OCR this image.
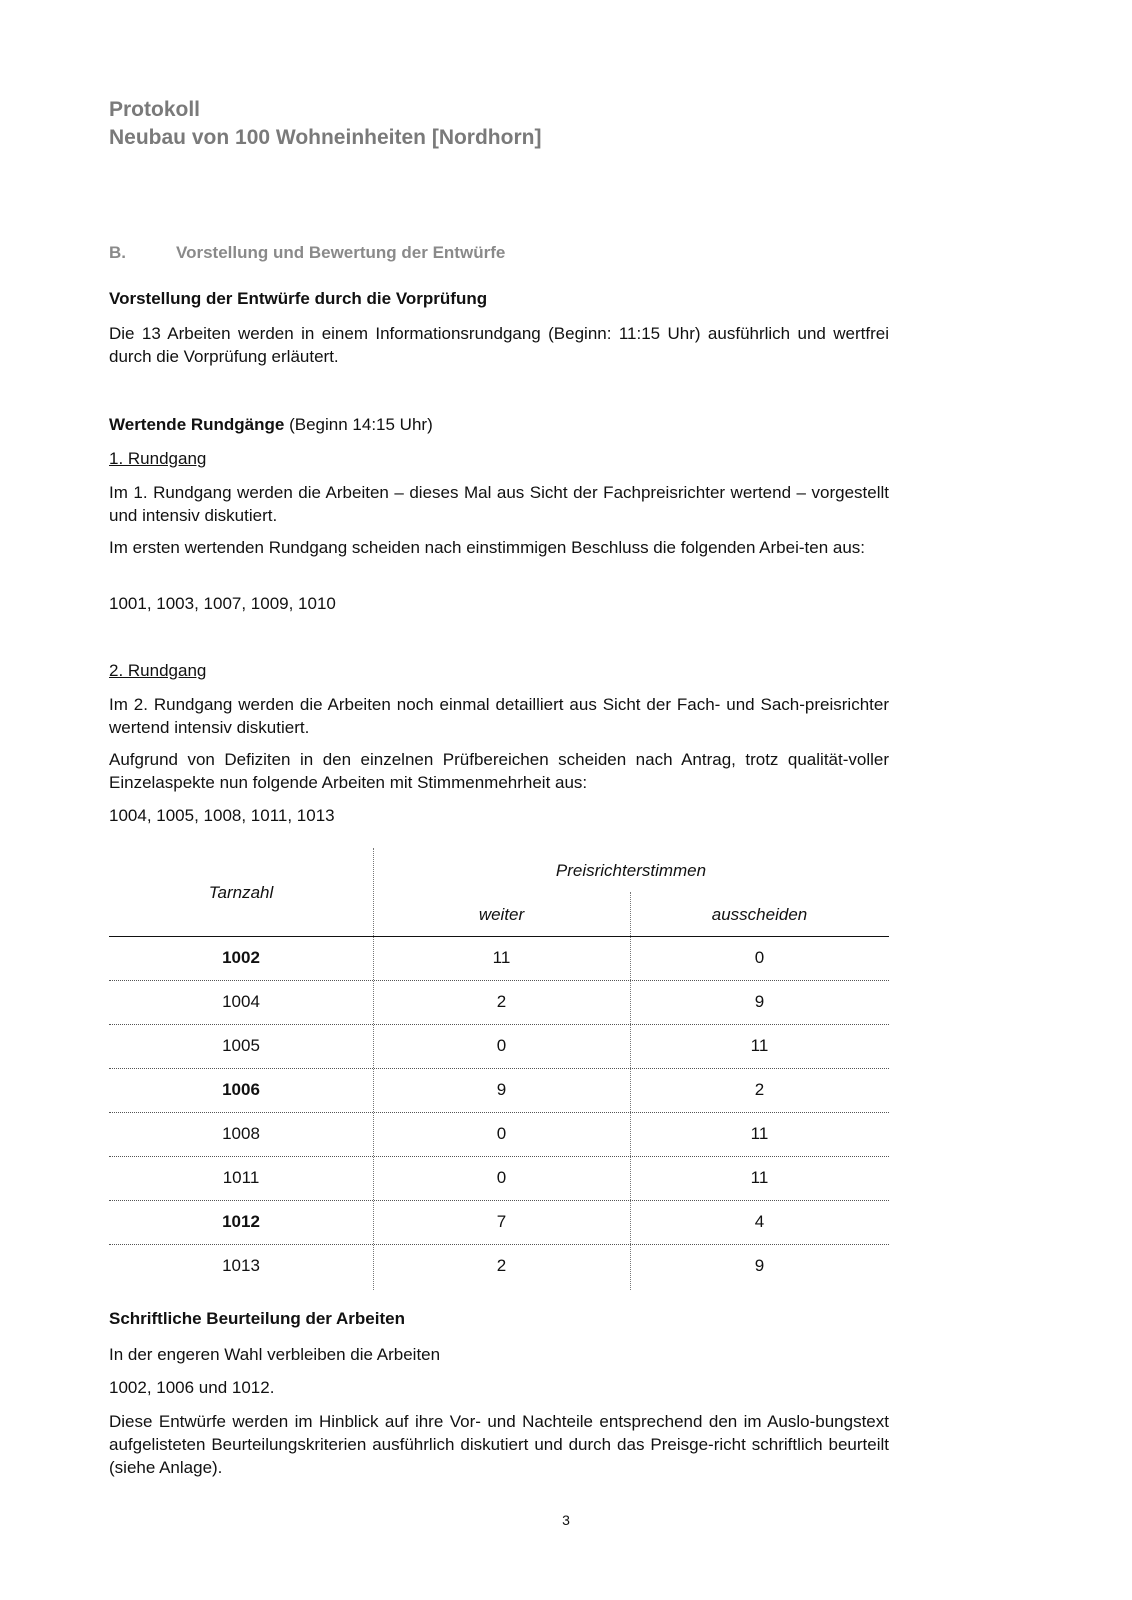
Protokoll
Neubau von 100 Wohneinheiten [Nordhorn]
B.	Vorstellung und Bewertung der Entwürfe
Vorstellung der Entwürfe durch die Vorprüfung
Die 13 Arbeiten werden in einem Informationsrundgang (Beginn: 11:15 Uhr) ausführlich und wertfrei durch die Vorprüfung erläutert.
Wertende Rundgänge (Beginn 14:15 Uhr)
1. Rundgang
Im 1. Rundgang werden die Arbeiten – dieses Mal aus Sicht der Fachpreisrichter wertend – vorgestellt und intensiv diskutiert.
Im ersten wertenden Rundgang scheiden nach einstimmigen Beschluss die folgenden Arbei-ten aus:
1001, 1003, 1007, 1009, 1010
2. Rundgang
Im 2. Rundgang werden die Arbeiten noch einmal detailliert aus Sicht der Fach- und Sach-preisrichter wertend intensiv diskutiert.
Aufgrund von Defiziten in den einzelnen Prüfbereichen scheiden nach Antrag, trotz qualität-voller Einzelaspekte nun folgende Arbeiten mit Stimmenmehrheit aus:
1004, 1005, 1008, 1011, 1013
Tarnzahl
Preisrichterstimmen
weiter	ausscheiden
1002	11	0
1004	2	9
1005	0	11
1006	9	2
1008	0	11
1011	0	11
1012	7	4
1013	2	9
Schriftliche Beurteilung der Arbeiten
In der engeren Wahl verbleiben die Arbeiten
1002, 1006 und 1012.
Diese Entwürfe werden im Hinblick auf ihre Vor- und Nachteile entsprechend den im Auslo-bungstext aufgelisteten Beurteilungskriterien ausführlich diskutiert und durch das Preisge-richt schriftlich beurteilt (siehe Anlage).
3
